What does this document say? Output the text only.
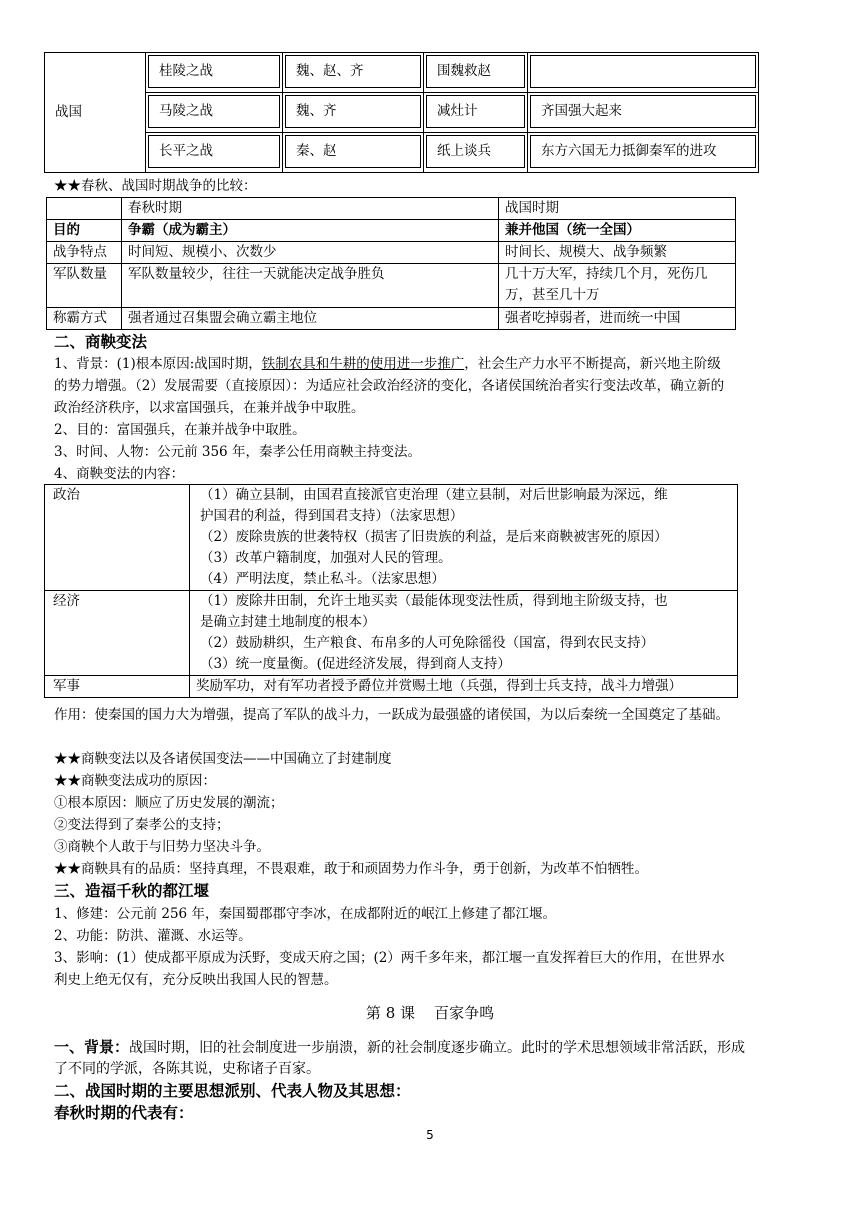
战国	桂陵之战	魏、赵、齐	围魏救赵	

马陵之战	魏、齐	减灶计	齐国强大起来

长平之战	秦、赵	纸上谈兵	东方六国无力抵御秦军的进攻
★★春秋、战国时期战争的比较：
	春秋时期	战国时期
目的	争霸（成为霸主）	兼并他国（统一全国）
战争特点	时间短、规模小、次数少	时间长、规模大、战争频繁
军队数量	军队数量较少，往往一天就能决定战争胜负	几十万大军，持续几个月，死伤几万，甚至几十万
称霸方式	强者通过召集盟会确立霸主地位	强者吃掉弱者，进而统一中国
二、商鞅变法
1、背景：(1)根本原因:战国时期，铁制农具和牛耕的使用进一步推广，社会生产力水平不断提高，新兴地主阶级
的势力增强。（2）发展需要（直接原因）：为适应社会政治经济的变化，各诸侯国统治者实行变法改革，确立新的
政治经济秩序，以求富国强兵，在兼并战争中取胜。
2、目的：富国强兵，在兼并战争中取胜。
3、时间、人物：公元前 356 年，秦孝公任用商鞅主持变法。
4、商鞅变法的内容：
政治	（1）确立县制，由国君直接派官吏治理（建立县制，对后世影响最为深远，维
护国君的利益，得到国君支持）（法家思想）
（2）废除贵族的世袭特权（损害了旧贵族的利益，是后来商鞅被害死的原因）
（3）改革户籍制度，加强对人民的管理。
（4）严明法度，禁止私斗。（法家思想）

经济	（1）废除井田制，允许土地买卖（最能体现变法性质，得到地主阶级支持，也
是确立封建土地制度的根本）
（2）鼓励耕织，生产粮食、布帛多的人可免除徭役（国富，得到农民支持）
（3）统一度量衡。(促进经济发展，得到商人支持）

军事	奖励军功，对有军功者授予爵位并赏赐土地（兵强，得到士兵支持，战斗力增强）
作用：使秦国的国力大为增强，提高了军队的战斗力，一跃成为最强盛的诸侯国，为以后秦统一全国奠定了基础。
★★商鞅变法以及各诸侯国变法——中国确立了封建制度
★★商鞅变法成功的原因：
①根本原因：顺应了历史发展的潮流；
②变法得到了秦孝公的支持；
③商鞅个人敢于与旧势力坚决斗争。
★★商鞅具有的品质：坚持真理，不畏艰难，敢于和顽固势力作斗争，勇于创新，为改革不怕牺牲。
三、造福千秋的都江堰
1、修建：公元前 256 年，秦国蜀郡郡守李冰，在成都附近的岷江上修建了都江堰。
2、功能：防洪、灌溉、水运等。
3、影响：(1）使成都平原成为沃野，变成天府之国；(2）两千多年来，都江堰一直发挥着巨大的作用，在世界水
利史上绝无仅有，充分反映出我国人民的智慧。
第 8 课    百家争鸣
一、背景：战国时期，旧的社会制度进一步崩溃，新的社会制度逐步确立。此时的学术思想领域非常活跃，形成
了不同的学派，各陈其说，史称诸子百家。
二、战国时期的主要思想派别、代表人物及其思想：
春秋时期的代表有：
5
